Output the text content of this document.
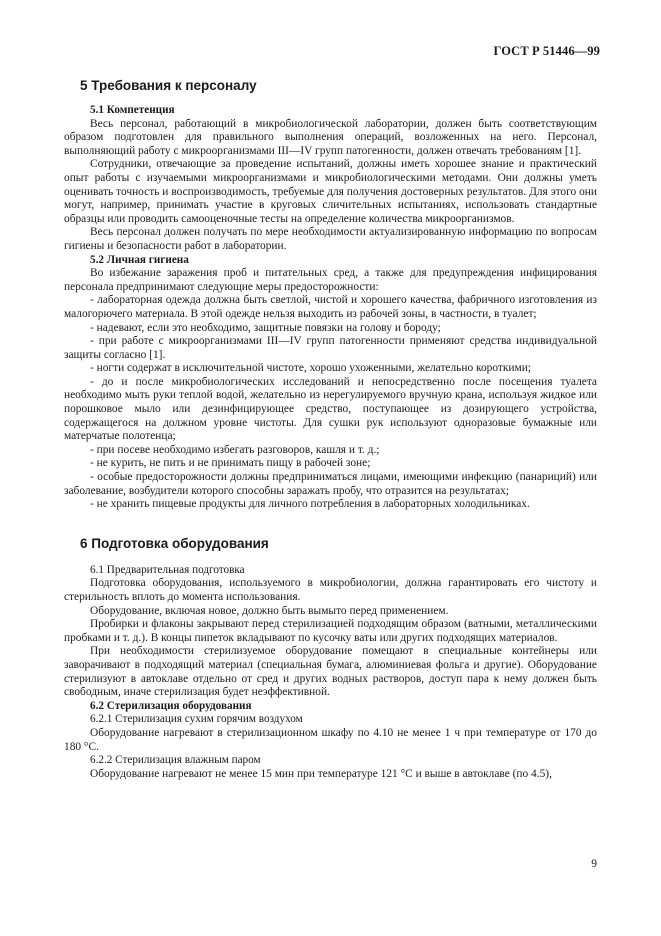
ГОСТ Р 51446—99
5 Требования к персоналу
5.1 Компетенция

Весь персонал, работающий в микробиологической лаборатории, должен быть соответствующим образом подготовлен для правильного выполнения операций, возложенных на него. Персонал, выполняющий работу с микроорганизмами III—IV групп патогенности, должен отвечать требованиям [1].

Сотрудники, отвечающие за проведение испытаний, должны иметь хорошее знание и практический опыт работы с изучаемыми микроорганизмами и микробиологическими методами. Они должны уметь оценивать точность и воспроизводимость, требуемые для получения достоверных результатов. Для этого они могут, например, принимать участие в круговых сличительных испытаниях, использовать стандартные образцы или проводить самооценочные тесты на определение количества микроорганизмов.

Весь персонал должен получать по мере необходимости актуализированную информацию по вопросам гигиены и безопасности работ в лаборатории.

5.2 Личная гигиена

Во избежание заражения проб и питательных сред, а также для предупреждения инфицирования персонала предпринимают следующие меры предосторожности:

- лабораторная одежда должна быть светлой, чистой и хорошего качества, фабричного изготовления из малогорючего материала. В этой одежде нельзя выходить из рабочей зоны, в частности, в туалет;

- надевают, если это необходимо, защитные повязки на голову и бороду;

- при работе с микроорганизмами III—IV групп патогенности применяют средства индивидуальной защиты согласно [1].

- ногти содержат в исключительной чистоте, хорошо ухоженными, желательно короткими;

- до и после микробиологических исследований и непосредственно после посещения туалета необходимо мыть руки теплой водой, желательно из нерегулируемого вручную крана, используя жидкое или порошковое мыло или дезинфицирующее средство, поступающее из дозирующего устройства, содержащегося на должном уровне чистоты. Для сушки рук используют одноразовые бумажные или матерчатые полотенца;

- при посеве необходимо избегать разговоров, кашля и т. д.;

- не курить, не пить и не принимать пищу в рабочей зоне;

- особые предосторожности должны предприниматься лицами, имеющими инфекцию (панариций) или заболевание, возбудители которого способны заражать пробу, что отразится на результатах;

- не хранить пищевые продукты для личного потребления в лабораторных холодильниках.

6 Подготовка оборудования
6.1 Предварительная подготовка

Подготовка оборудования, используемого в микробиологии, должна гарантировать его чистоту и стерильность вплоть до момента использования.

Оборудование, включая новое, должно быть вымыто перед применением.

Пробирки и флаконы закрывают перед стерилизацией подходящим образом (ватными, металлическими пробками и т. д.). В концы пипеток вкладывают по кусочку ваты или других подходящих материалов.

При необходимости стерилизуемое оборудование помещают в специальные контейнеры или заворачивают в подходящий материал (специальная бумага, алюминиевая фольга и другие). Оборудование стерилизуют в автоклаве отдельно от сред и других водных растворов, доступ пара к нему должен быть свободным, иначе стерилизация будет неэффективной.

6.2 Стерилизация оборудования
6.2.1 Стерилизация сухим горячим воздухом

Оборудование нагревают в стерилизационном шкафу по 4.10 не менее 1 ч при температуре от 170 до 180 °С.

6.2.2 Стерилизация влажным паром

Оборудование нагревают не менее 15 мин при температуре 121 °С и выше в автоклаве (по 4.5),

9
